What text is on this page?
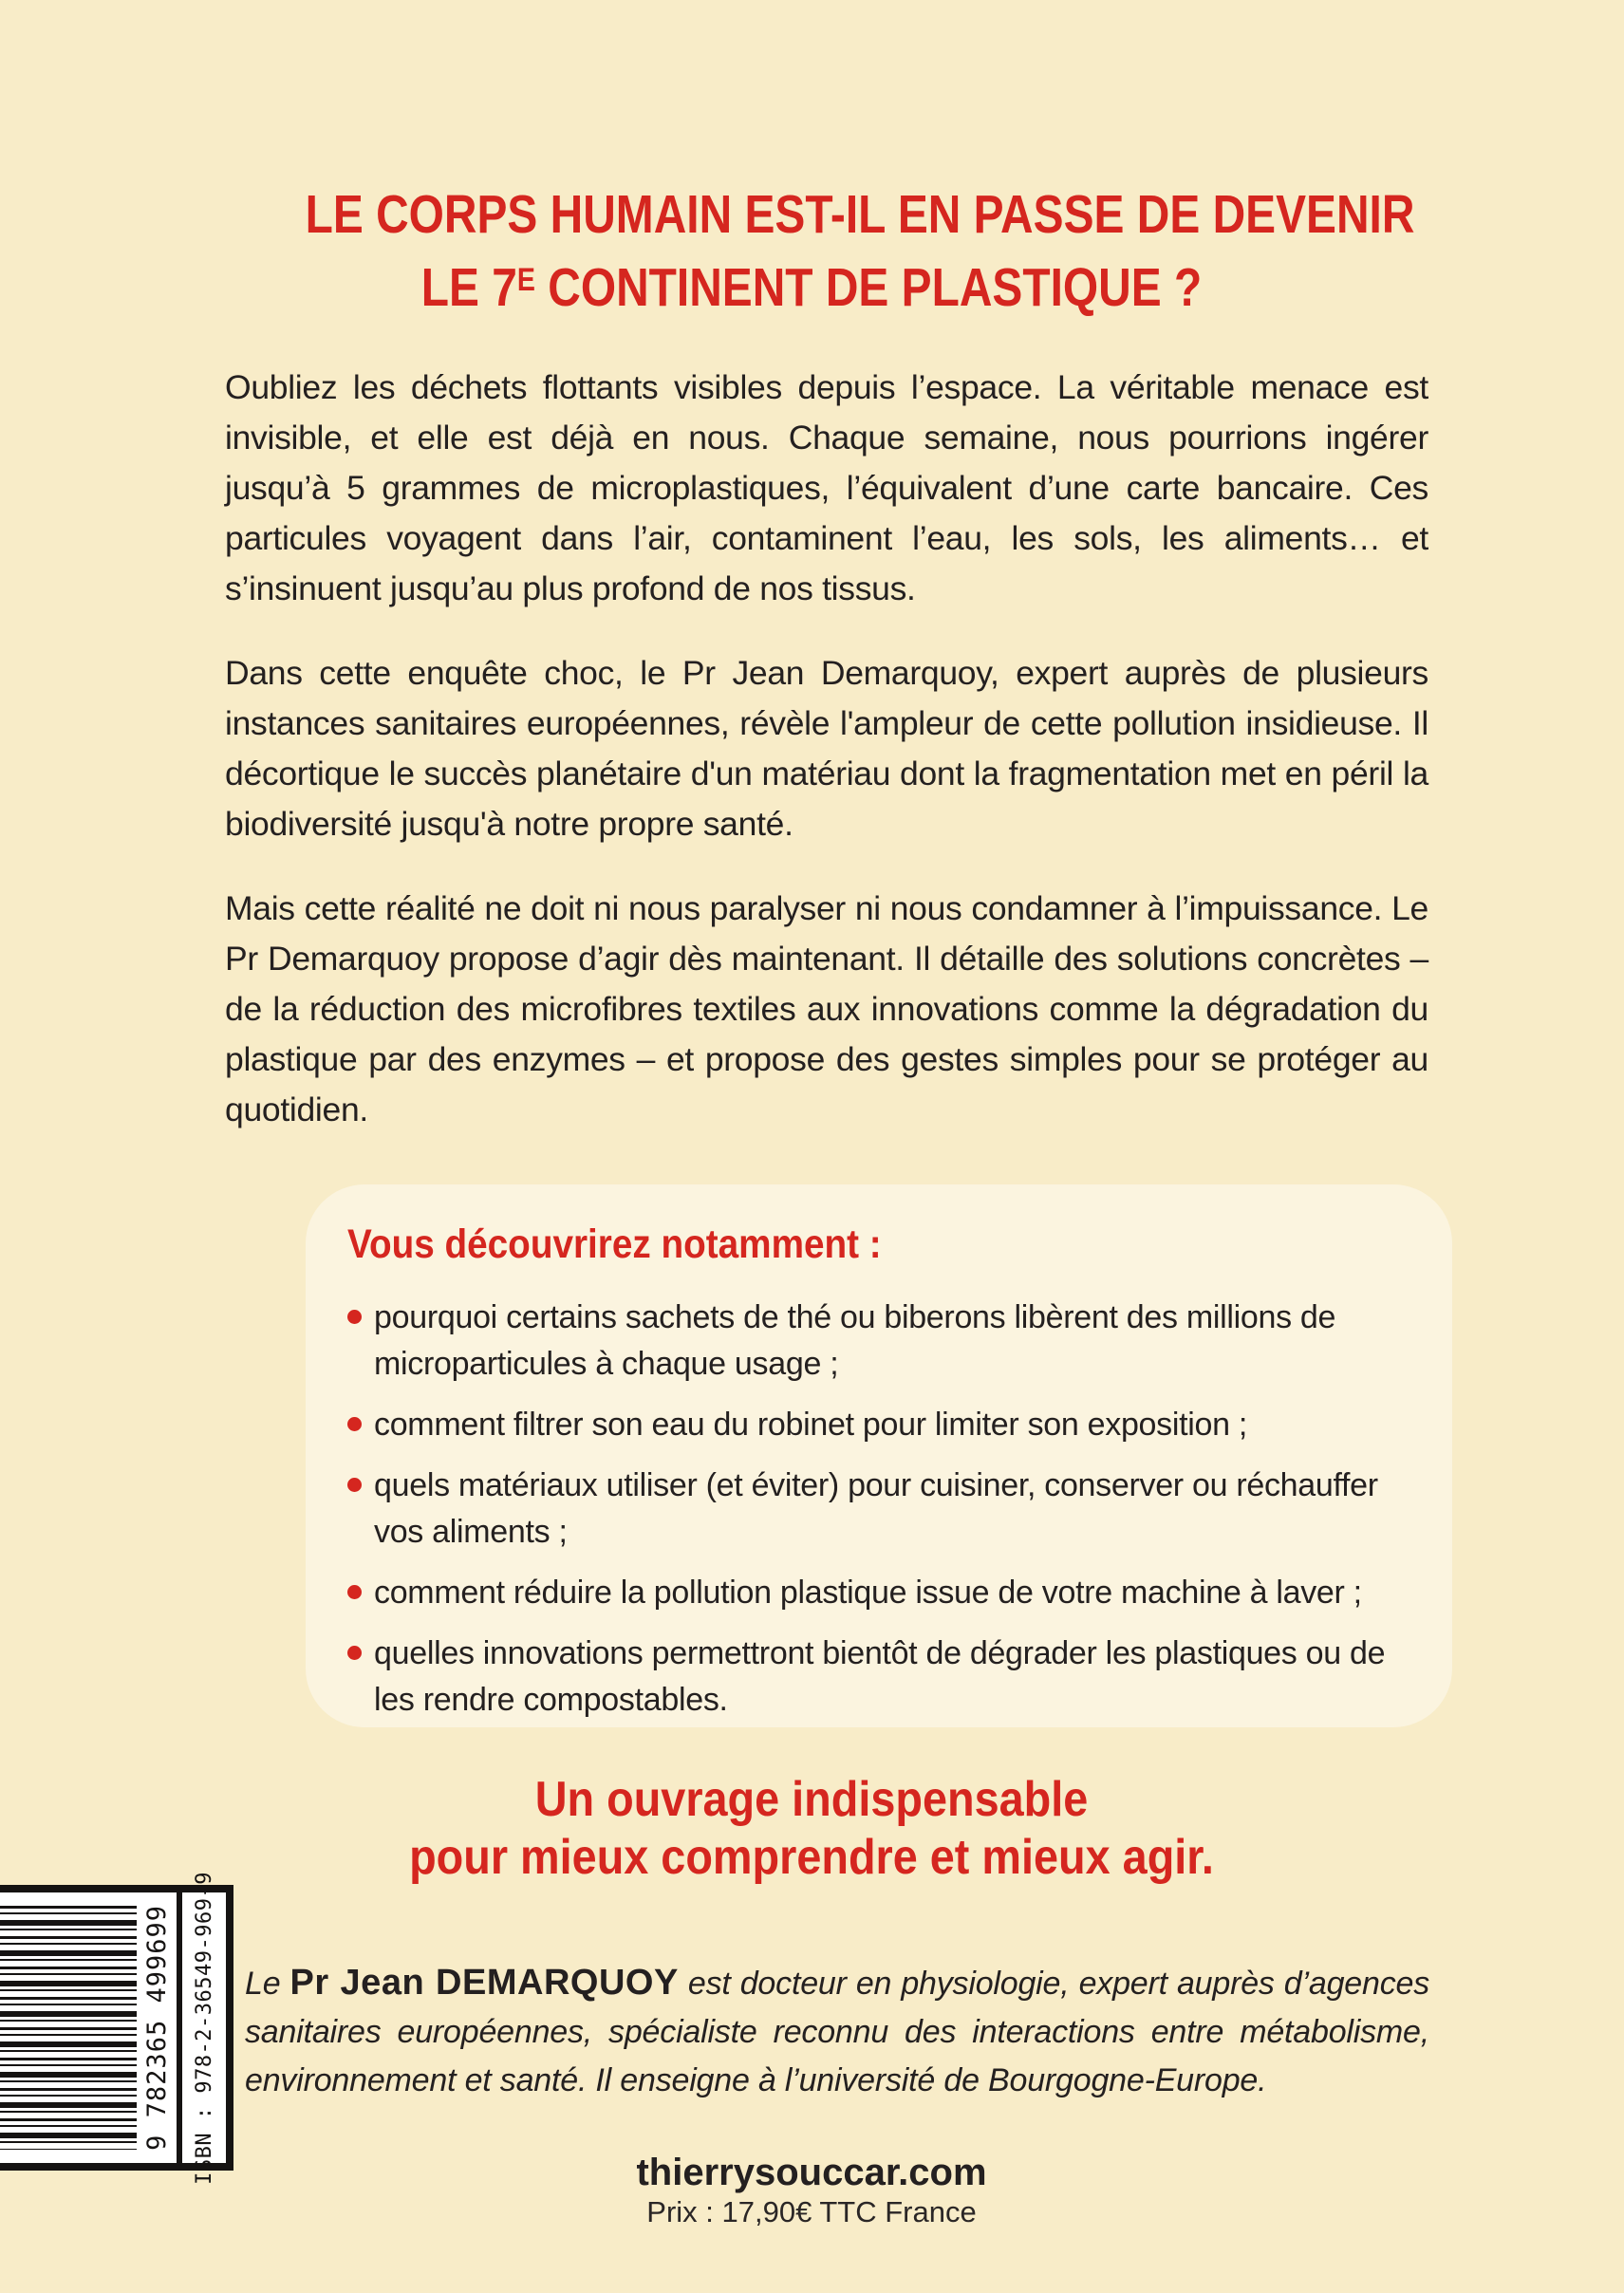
LE CORPS HUMAIN EST-IL EN PASSE DE DEVENIR
LE $7^E$ CONTINENT DE PLASTIQUE ?

Oubliez les déchets flottants visibles depuis l’espace. La véritable menace est invisible, et elle est déjà en nous. Chaque semaine, nous pourrions ingérer jusqu’à 5 grammes de microplastiques, l’équivalent d’une carte bancaire. Ces particules voyagent dans l’air, contaminent l’eau, les sols, les aliments… et s’insinuent jusqu’au plus profond de nos tissus.

Dans cette enquête choc, le Pr Jean Demarquoy, expert auprès de plusieurs instances sanitaires européennes, révèle l'ampleur de cette pollution insidieuse. Il décortique le succès planétaire d'un matériau dont la fragmentation met en péril la biodiversité jusqu'à notre propre santé.

Mais cette réalité ne doit ni nous paralyser ni nous condamner à l’impuissance. Le Pr Demarquoy propose d’agir dès maintenant. Il détaille des solutions concrètes – de la réduction des microfibres textiles aux innovations comme la dégradation du plastique par des enzymes – et propose des gestes simples pour se protéger au quotidien.

Vous découvrirez notamment :
pourquoi certains sachets de thé ou biberons libèrent des millions de microparticules à chaque usage ;
comment filtrer son eau du robinet pour limiter son exposition ;
quels matériaux utiliser (et éviter) pour cuisiner, conserver ou réchauffer vos aliments ;
comment réduire la pollution plastique issue de votre machine à laver ;
quelles innovations permettront bientôt de dégrader les plastiques ou de les rendre compostables.
Un ouvrage indispensable
pour mieux comprendre et mieux agir.
Le Pr Jean DEMARQUOY est docteur en physiologie, expert auprès d’agences sanitaires européennes, spécialiste reconnu des interactions entre métabolisme, environnement et santé. Il enseigne à l’université de Bourgogne-Europe.
thierrysouccar.com
Prix : 17,90€ TTC France
9 782365 499699 ISBN : 978-2-36549-969-9
